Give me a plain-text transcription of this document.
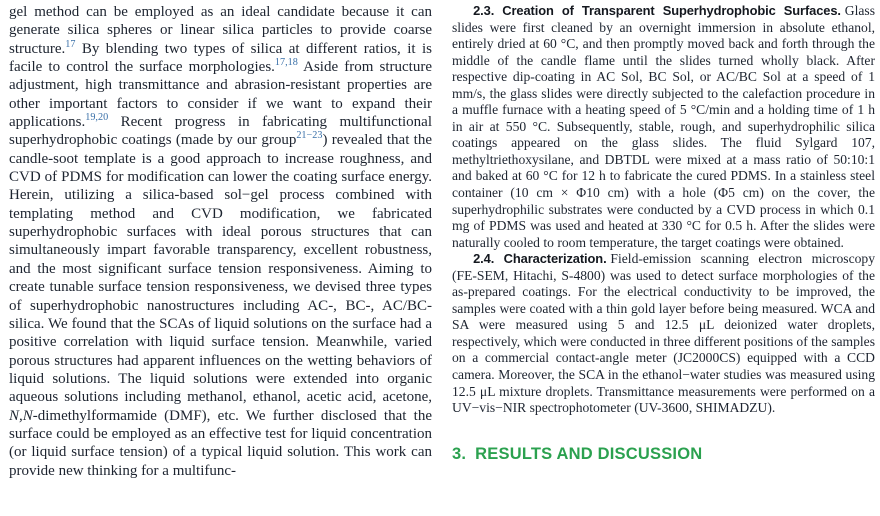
gel method can be employed as an ideal candidate because it can generate silica spheres or linear silica particles to provide coarse structure.$^{17}$ By blending two types of silica at different ratios, it is facile to control the surface morphologies.$^{17,18}$ Aside from structure adjustment, high transmittance and abrasion-resistant properties are other important factors to consider if we want to expand their applications.$^{19,20}$ Recent progress in fabricating multifunctional superhydrophobic coatings (made by our group$^{21-23}$) revealed that the candle-soot template is a good approach to increase roughness, and CVD of PDMS for modification can lower the coating surface energy. Herein, utilizing a silica-based sol−gel process combined with templating method and CVD modification, we fabricated superhydrophobic surfaces with ideal porous structures that can simultaneously impart favorable transparency, excellent robustness, and the most significant surface tension responsiveness. Aiming to create tunable surface tension responsiveness, we devised three types of superhydrophobic nanostructures including AC-, BC-, AC/BC-silica. We found that the SCAs of liquid solutions on the surface had a positive correlation with liquid surface tension. Meanwhile, varied porous structures had apparent influences on the wetting behaviors of liquid solutions. The liquid solutions were extended into organic aqueous solutions including methanol, ethanol, acetic acid, acetone, N,N-dimethylformamide (DMF), etc. We further disclosed that the surface could be employed as an effective test for liquid concentration (or liquid surface tension) of a typical liquid solution. This work can provide new thinking for a multifunc-

2.3. Creation of Transparent Superhydrophobic Surfaces. Glass slides were first cleaned by an overnight immersion in absolute ethanol, entirely dried at 60 °C, and then promptly moved back and forth through the middle of the candle flame until the slides turned wholly black. After respective dip-coating in AC Sol, BC Sol, or AC/BC Sol at a speed of 1 mm/s, the glass slides were directly subjected to the calefaction procedure in a muffle furnace with a heating speed of 5 °C/min and a holding time of 1 h in air at 550 °C. Subsequently, stable, rough, and superhydrophilic silica coatings appeared on the glass slides. The fluid Sylgard 107, methyltriethoxysilane, and DBTDL were mixed at a mass ratio of 50:10:1 and baked at 60 °C for 12 h to fabricate the cured PDMS. In a stainless steel container (10 cm × Φ10 cm) with a hole (Φ5 cm) on the cover, the superhydrophilic substrates were conducted by a CVD process in which 0.1 mg of PDMS was used and heated at 330 °C for 0.5 h. After the slides were naturally cooled to room temperature, the target coatings were obtained.

2.4. Characterization. Field-emission scanning electron microscopy (FE-SEM, Hitachi, S-4800) was used to detect surface morphologies of the as-prepared coatings. For the electrical conductivity to be improved, the samples were coated with a thin gold layer before being measured. WCA and SA were measured using 5 and 12.5 μL deionized water droplets, respectively, which were conducted in three different positions of the samples on a commercial contact-angle meter (JC2000CS) equipped with a CCD camera. Moreover, the SCA in the ethanol−water studies was measured using 12.5 μL mixture droplets. Transmittance measurements were performed on a UV−vis−NIR spectrophotometer (UV-3600, SHIMADZU).

3. RESULTS AND DISCUSSION
